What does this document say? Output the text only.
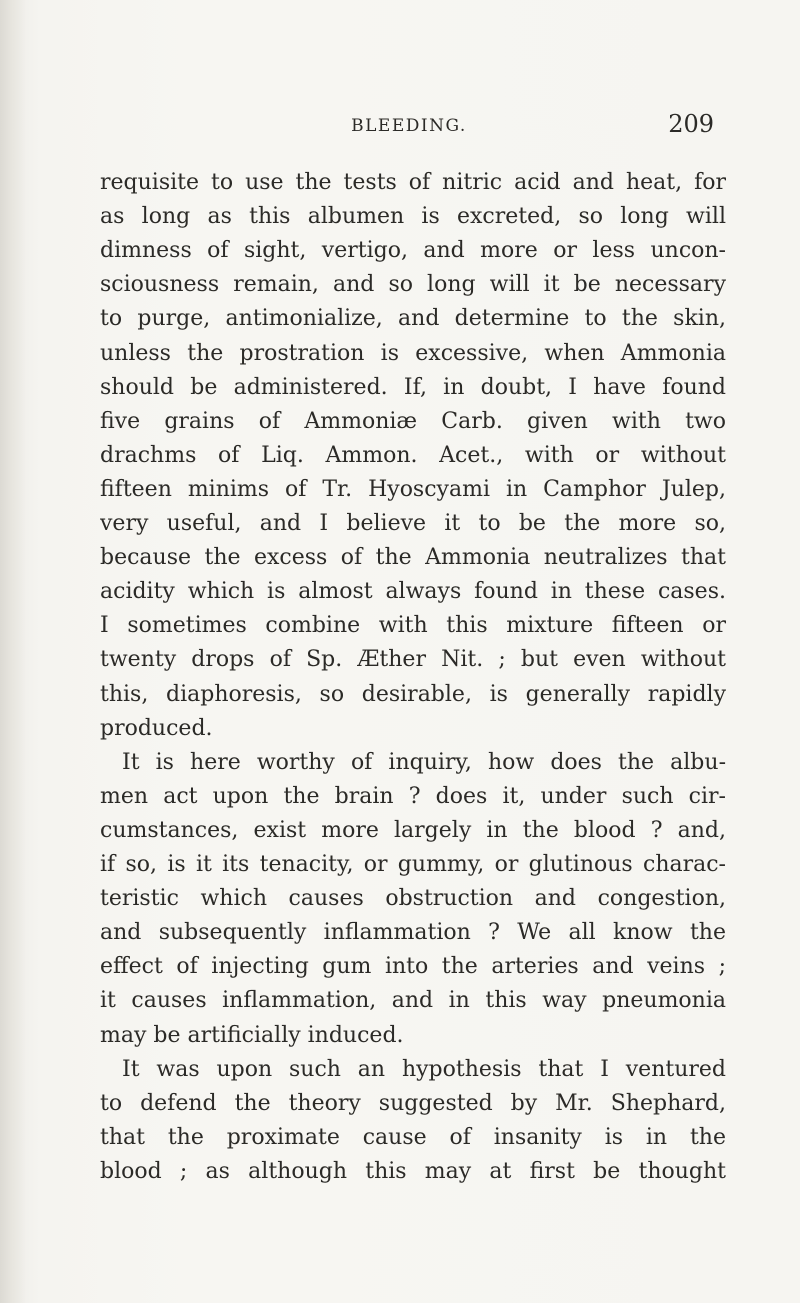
BLEEDING.	209
requisite to use the tests of nitric acid and heat, for
as long as this albumen is excreted, so long will
dimness of sight, vertigo, and more or less uncon-
sciousness remain, and so long will it be necessary
to purge, antimonialize, and determine to the skin,
unless the prostration is excessive, when Ammonia
should be administered. If, in doubt, I have found
five grains of Ammoniæ Carb. given with two
drachms of Liq. Ammon. Acet., with or without
fifteen minims of Tr. Hyoscyami in Camphor Julep,
very useful, and I believe it to be the more so,
because the excess of the Ammonia neutralizes that
acidity which is almost always found in these cases.
I sometimes combine with this mixture fifteen or
twenty drops of Sp. Æther Nit. ; but even without
this, diaphoresis, so desirable, is generally rapidly
produced.
It is here worthy of inquiry, how does the albu-
men act upon the brain ? does it, under such cir-
cumstances, exist more largely in the blood ? and,
if so, is it its tenacity, or gummy, or glutinous charac-
teristic which causes obstruction and congestion,
and subsequently inflammation ? We all know the
effect of injecting gum into the arteries and veins ;
it causes inflammation, and in this way pneumonia
may be artificially induced.
It was upon such an hypothesis that I ventured
to defend the theory suggested by Mr. Shephard,
that the proximate cause of insanity is in the
blood ; as although this may at first be thought
